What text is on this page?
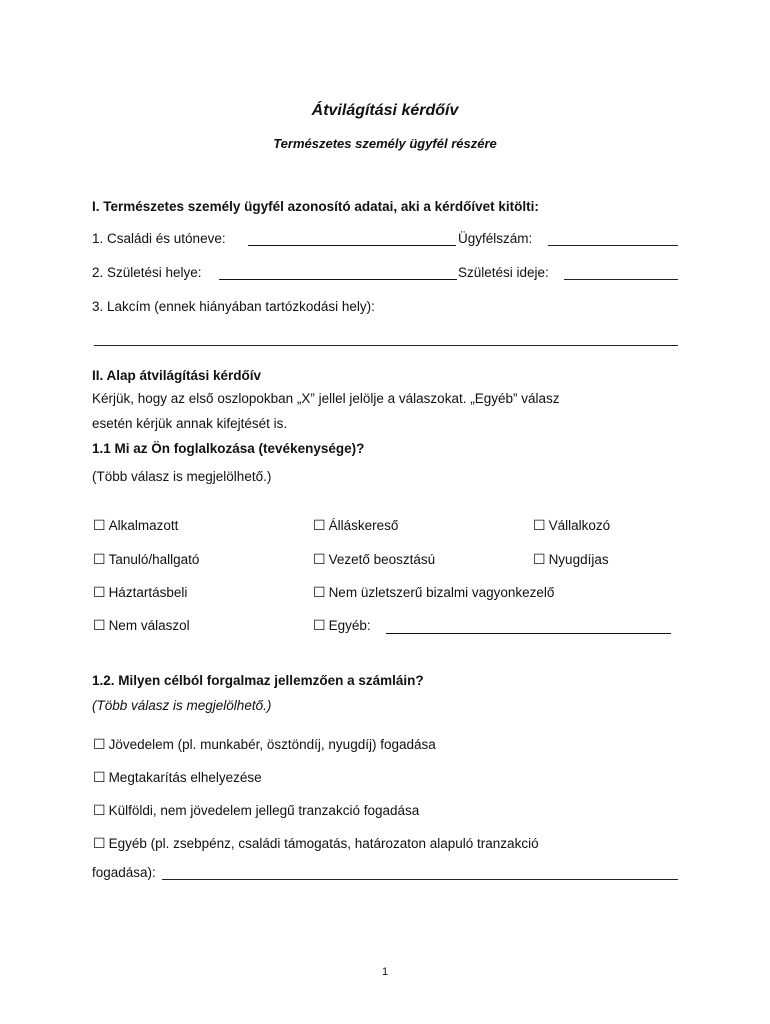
Átvilágítási kérdőív
Természetes személy ügyfél részére
I. Természetes személy ügyfél azonosító adatai, aki a kérdőívet kitölti:
1. Családi és utóneve:	Ügyfélszám:
2. Születési helye:	Születési ideje:
3. Lakcím (ennek hiányában tartózkodási hely):
II. Alap átvilágítási kérdőív
Kérjük, hogy az első oszlopokban „X” jellel jelölje a válaszokat. „Egyéb” válasz
esetén kérjük annak kifejtését is.
1.1 Mi az Ön foglalkozása (tevékenysége)?
(Több válasz is megjelölhető.)
☐ Alkalmazott	☐ Álláskereső	☐ Vállalkozó
☐ Tanuló/hallgató	☐ Vezető beosztású	☐ Nyugdíjas
☐ Háztartásbeli	☐ Nem üzletszerű bizalmi vagyonkezelő
☐ Nem válaszol	☐ Egyéb:
1.2. Milyen célból forgalmaz jellemzően a számláin?
(Több válasz is megjelölhető.)
☐ Jövedelem (pl. munkabér, ösztöndíj, nyugdíj) fogadása
☐ Megtakarítás elhelyezése
☐ Külföldi, nem jövedelem jellegű tranzakció fogadása
☐ Egyéb (pl. zsebpénz, családi támogatás, határozaton alapuló tranzakció
fogadása):
1
